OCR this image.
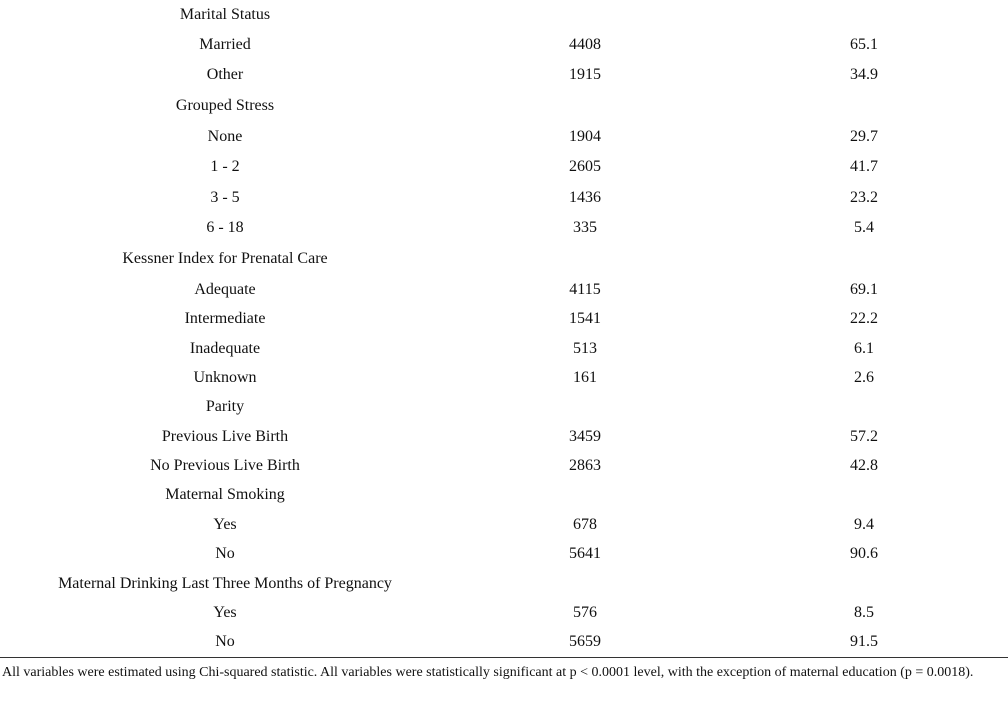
Marital Status
Married	4408	65.1
Other	1915	34.9
Grouped Stress
None	1904	29.7
1 - 2	2605	41.7
3 - 5	1436	23.2
6 - 18	335	5.4
Kessner Index for Prenatal Care
Adequate	4115	69.1
Intermediate	1541	22.2
Inadequate	513	6.1
Unknown	161	2.6
Parity
Previous Live Birth	3459	57.2
No Previous Live Birth	2863	42.8
Maternal Smoking
Yes	678	9.4
No	5641	90.6
Maternal Drinking Last Three Months of Pregnancy
Yes	576	8.5
No	5659	91.5
All variables were estimated using Chi-squared statistic. All variables were statistically significant at p < 0.0001 level, with the exception of maternal education (p = 0.0018).
